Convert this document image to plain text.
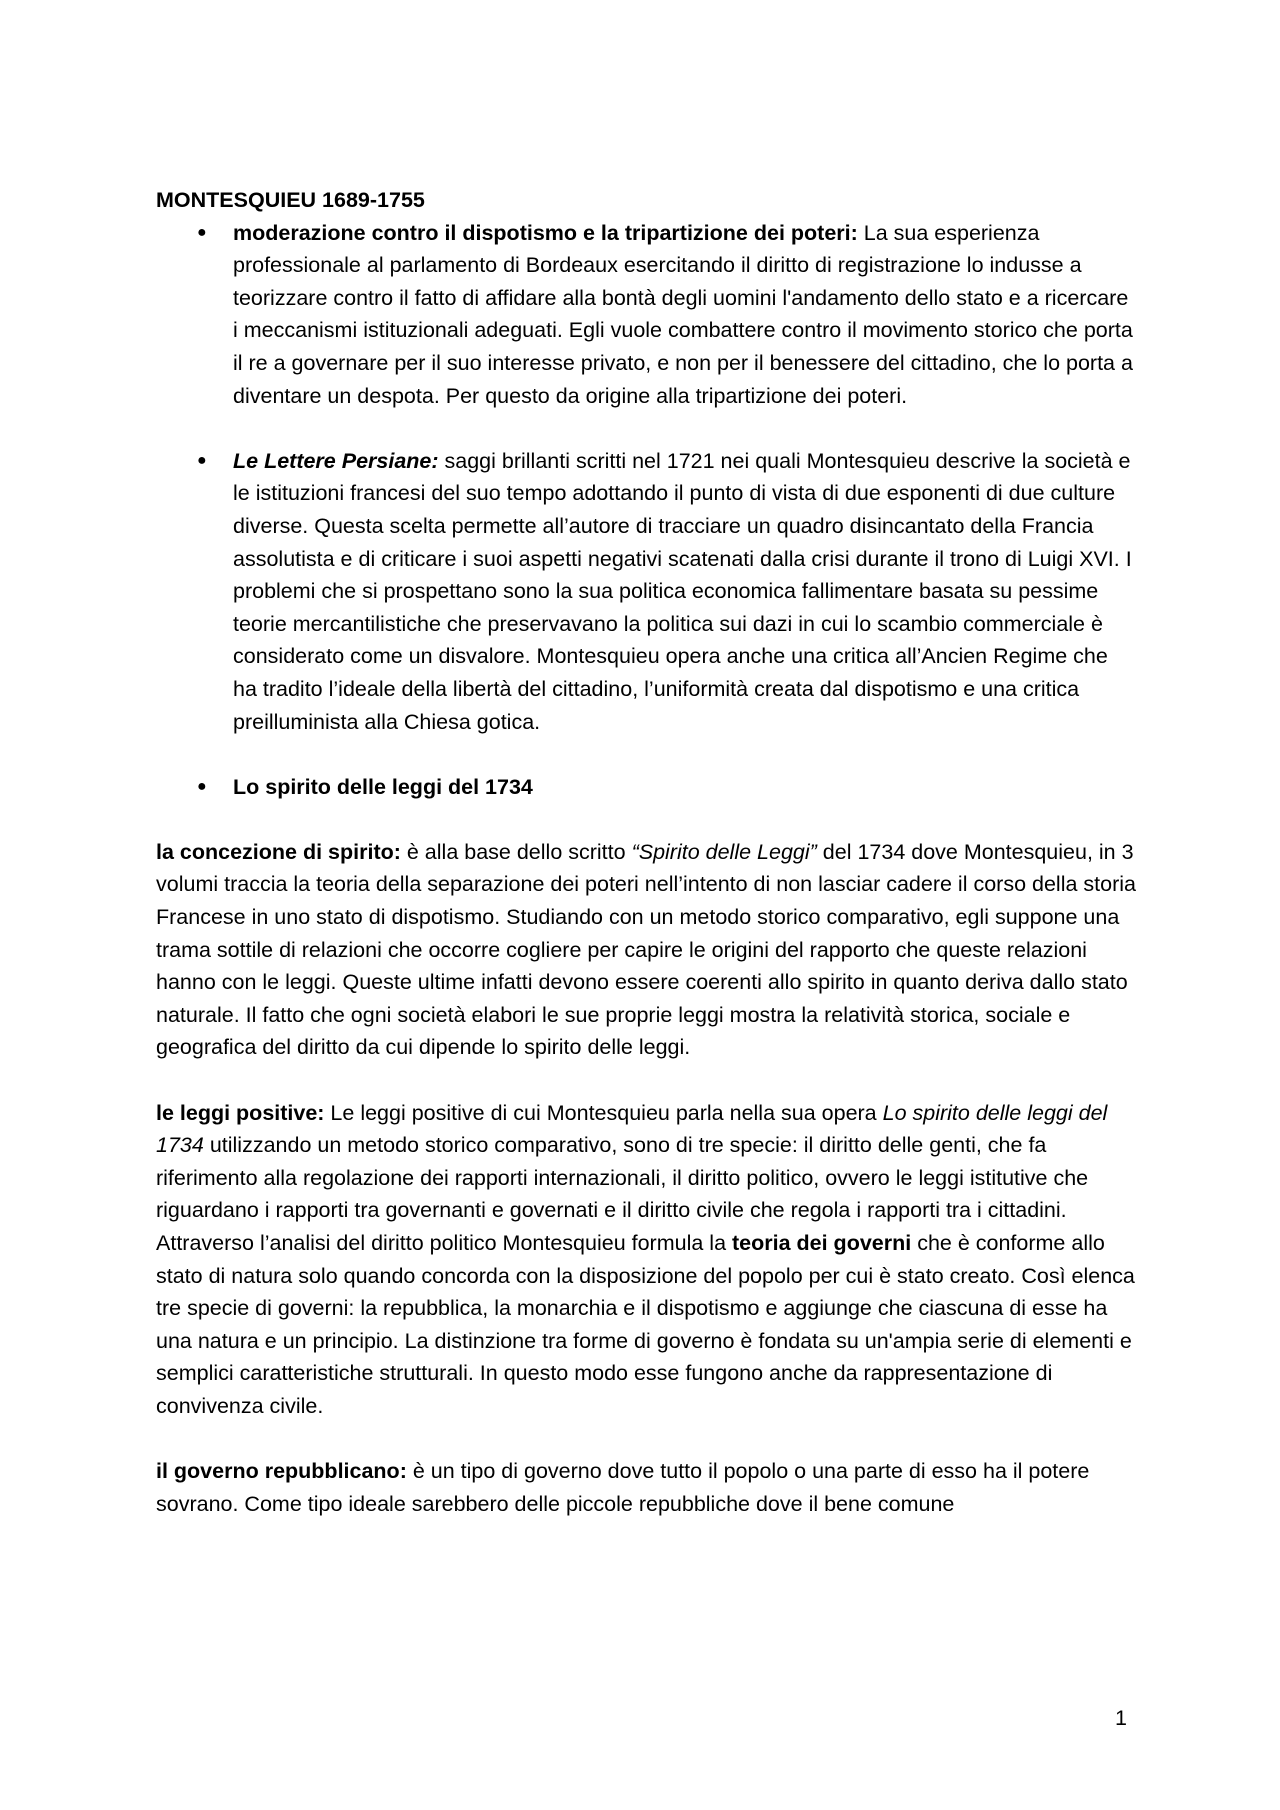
MONTESQUIEU 1689-1755

● moderazione contro il dispotismo e la tripartizione dei poteri: La sua esperienza professionale al parlamento di Bordeaux esercitando il diritto di registrazione lo indusse a teorizzare contro il fatto di affidare alla bontà degli uomini l'andamento dello stato e a ricercare i meccanismi istituzionali adeguati. Egli vuole combattere contro il movimento storico che porta il re a governare per il suo interesse privato, e non per il benessere del cittadino, che lo porta a diventare un despota. Per questo da origine alla tripartizione dei poteri.
● Le Lettere Persiane: saggi brillanti scritti nel 1721 nei quali Montesquieu descrive la società e le istituzioni francesi del suo tempo adottando il punto di vista di due esponenti di due culture diverse. Questa scelta permette all’autore di tracciare un quadro disincantato della Francia assolutista e di criticare i suoi aspetti negativi scatenati dalla crisi durante il trono di Luigi XVI. I problemi che si prospettano sono la sua politica economica fallimentare basata su pessime teorie mercantilistiche che preservavano la politica sui dazi in cui lo scambio commerciale è considerato come un disvalore. Montesquieu opera anche una critica all’Ancien Regime che ha tradito l’ideale della libertà del cittadino, l’uniformità creata dal dispotismo e una critica preilluminista alla Chiesa gotica.
● Lo spirito delle leggi del 1734

la concezione di spirito: è alla base dello scritto “Spirito delle Leggi” del 1734 dove Montesquieu, in 3 volumi traccia la teoria della separazione dei poteri nell’intento di non lasciar cadere il corso della storia Francese in uno stato di dispotismo. Studiando con un metodo storico comparativo, egli suppone una trama sottile di relazioni che occorre cogliere per capire le origini del rapporto che queste relazioni hanno con le leggi. Queste ultime infatti devono essere coerenti allo spirito in quanto deriva dallo stato naturale. Il fatto che ogni società elabori le sue proprie leggi mostra la relatività storica, sociale e geografica del diritto da cui dipende lo spirito delle leggi.

le leggi positive: Le leggi positive di cui Montesquieu parla nella sua opera Lo spirito delle leggi del 1734 utilizzando un metodo storico comparativo, sono di tre specie: il diritto delle genti, che fa riferimento alla regolazione dei rapporti internazionali, il diritto politico, ovvero le leggi istitutive che riguardano i rapporti tra governanti e governati e il diritto civile che regola i rapporti tra i cittadini.

Attraverso l’analisi del diritto politico Montesquieu formula la teoria dei governi che è conforme allo stato di natura solo quando concorda con la disposizione del popolo per cui è stato creato. Così elenca tre specie di governi: la repubblica, la monarchia e il dispotismo e aggiunge che ciascuna di esse ha una natura e un principio. La distinzione tra forme di governo è fondata su un'ampia serie di elementi e semplici caratteristiche strutturali. In questo modo esse fungono anche da rappresentazione di convivenza civile.

il governo repubblicano: è un tipo di governo dove tutto il popolo o una parte di esso ha il potere sovrano. Come tipo ideale sarebbero delle piccole repubbliche dove il bene comune

1
